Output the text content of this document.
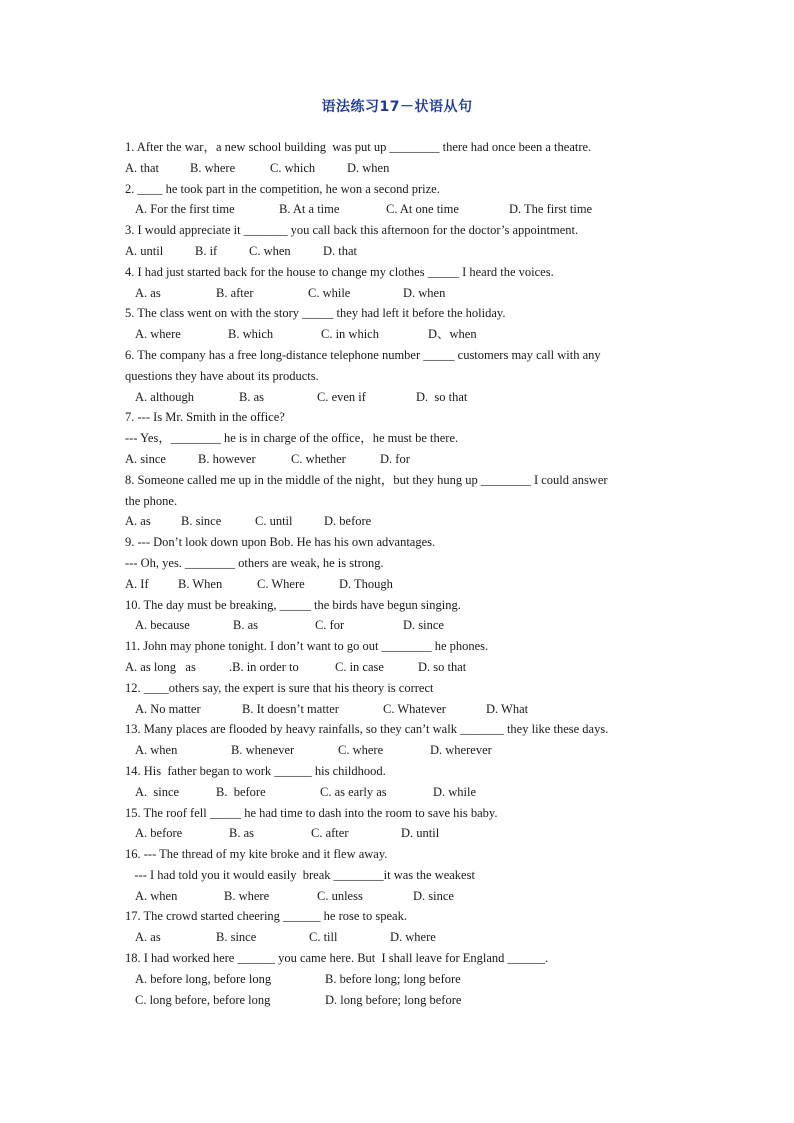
语法练习17－状语从句
1. After the war，a new school building  was put up ________ there had once been a theatre.
A. that B. where	C. which	D. when
2. ____ he took part in the competition, he won a second prize.
A. For the first time	B. At a time	C. At one time	D. The first time
3. I would appreciate it _______ you call back this afternoon for the doctor’s appointment.
A. until	B. if	C. when	D. that
4. I had just started back for the house to change my clothes _____ I heard the voices.
A. as	B. after	C. while	D. when
5. The class went on with the story _____ they had left it before the holiday.
A. where	B. which	C. in which	D、when
6. The company has a free long-distance telephone number _____ customers may call with any
questions they have about its products.
A. although	B. as	C. even if	D.  so that
7. --- Is Mr. Smith in the office?
--- Yes，________ he is in charge of the office，he must be there.
A. since	B. however	C. whether	D. for
8. Someone called me up in the middle of the night，but they hung up ________ I could answer
the phone.
A. as B. since	C. until	D. before
9. --- Don’t look down upon Bob. He has his own advantages.
--- Oh, yes. ________ others are weak, he is strong.
A. If B. When	C. Where	D. Though
10. The day must be breaking, _____ the birds have begun singing.
A. because	B. as	C. for	D. since
11. John may phone tonight. I don’t want to go out ________ he phones.
A. as long   as	.B. in order to	C. in case	D. so that
12. ____others say, the expert is sure that his theory is correct
A. No matter	B. It doesn’t matter	C. Whatever	D. What
13. Many places are flooded by heavy rainfalls, so they can’t walk _______ they like these days.
A. when	B. whenever	C. where	D. wherever
14. His  father began to work ______ his childhood.
A.  since	B.  before	C. as early as	D. while
15. The roof fell _____ he had time to dash into the room to save his baby.
A. before	B. as	C. after	D. until
16. --- The thread of my kite broke and it flew away.
--- I had told you it would easily  break ________it was the weakest
A. when	B. where	C. unless	D. since
17. The crowd started cheering ______ he rose to speak.
A. as	B. since	C. till	D. where
18. I had worked here ______ you came here. But  I shall leave for England ______.
A. before long, before long	B. before long; long before
C. long before, before long	D. long before; long before
